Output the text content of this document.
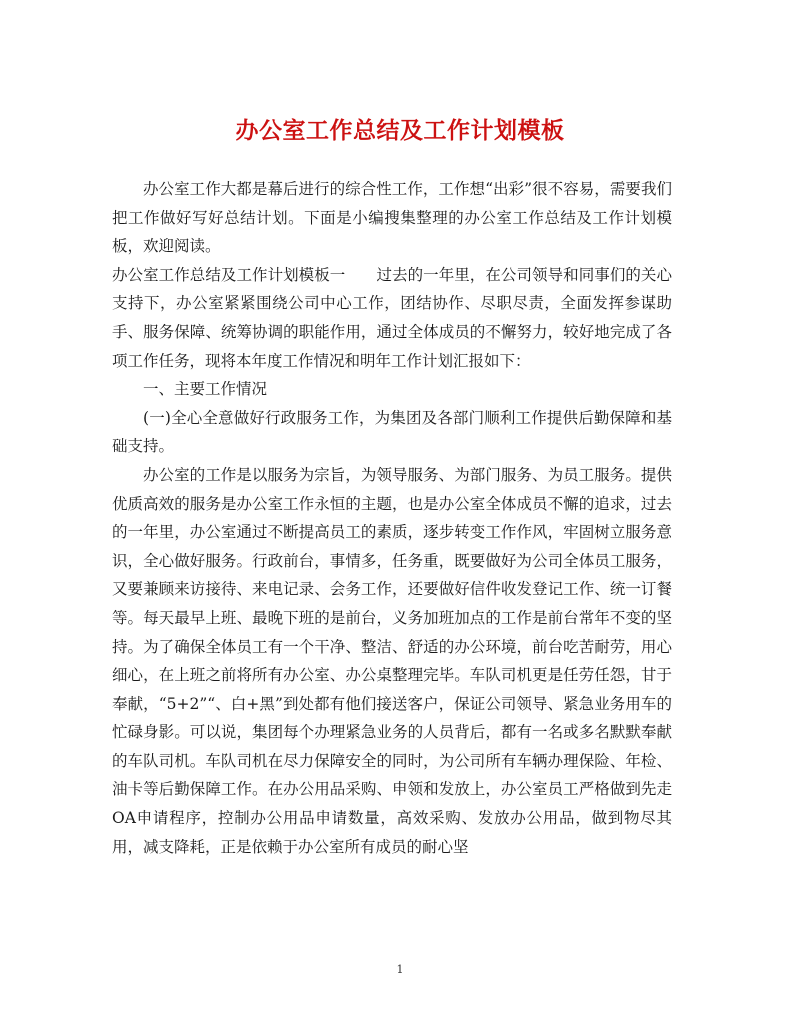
办公室工作总结及工作计划模板

办公室工作大都是幕后进行的综合性工作，工作想“出彩”很不容易，需要我们把工作做好写好总结计划。下面是小编搜集整理的办公室工作总结及工作计划模板，欢迎阅读。

办公室工作总结及工作计划模板一　　过去的一年里，在公司领导和同事们的关心支持下，办公室紧紧围绕公司中心工作，团结协作、尽职尽责，全面发挥参谋助手、服务保障、统筹协调的职能作用，通过全体成员的不懈努力，较好地完成了各项工作任务，现将本年度工作情况和明年工作计划汇报如下：

一、主要工作情况

(一)全心全意做好行政服务工作，为集团及各部门顺利工作提供后勤保障和基础支持。

办公室的工作是以服务为宗旨，为领导服务、为部门服务、为员工服务。提供优质高效的服务是办公室工作永恒的主题，也是办公室全体成员不懈的追求，过去的一年里，办公室通过不断提高员工的素质，逐步转变工作作风，牢固树立服务意识，全心做好服务。行政前台，事情多，任务重，既要做好为公司全体员工服务，又要兼顾来访接待、来电记录、会务工作，还要做好信件收发登记工作、统一订餐等。每天最早上班、最晚下班的是前台，义务加班加点的工作是前台常年不变的坚持。为了确保全体员工有一个干净、整洁、舒适的办公环境，前台吃苦耐劳，用心细心，在上班之前将所有办公室、办公桌整理完毕。车队司机更是任劳任怨，甘于奉献，“5+2”“、白+黑”到处都有他们接送客户，保证公司领导、紧急业务用车的忙碌身影。可以说，集团每个办理紧急业务的人员背后，都有一名或多名默默奉献的车队司机。车队司机在尽力保障安全的同时，为公司所有车辆办理保险、年检、油卡等后勤保障工作。在办公用品采购、申领和发放上，办公室员工严格做到先走OA申请程序，控制办公用品申请数量，高效采购、发放办公用品，做到物尽其用，减支降耗，正是依赖于办公室所有成员的耐心坚

1
